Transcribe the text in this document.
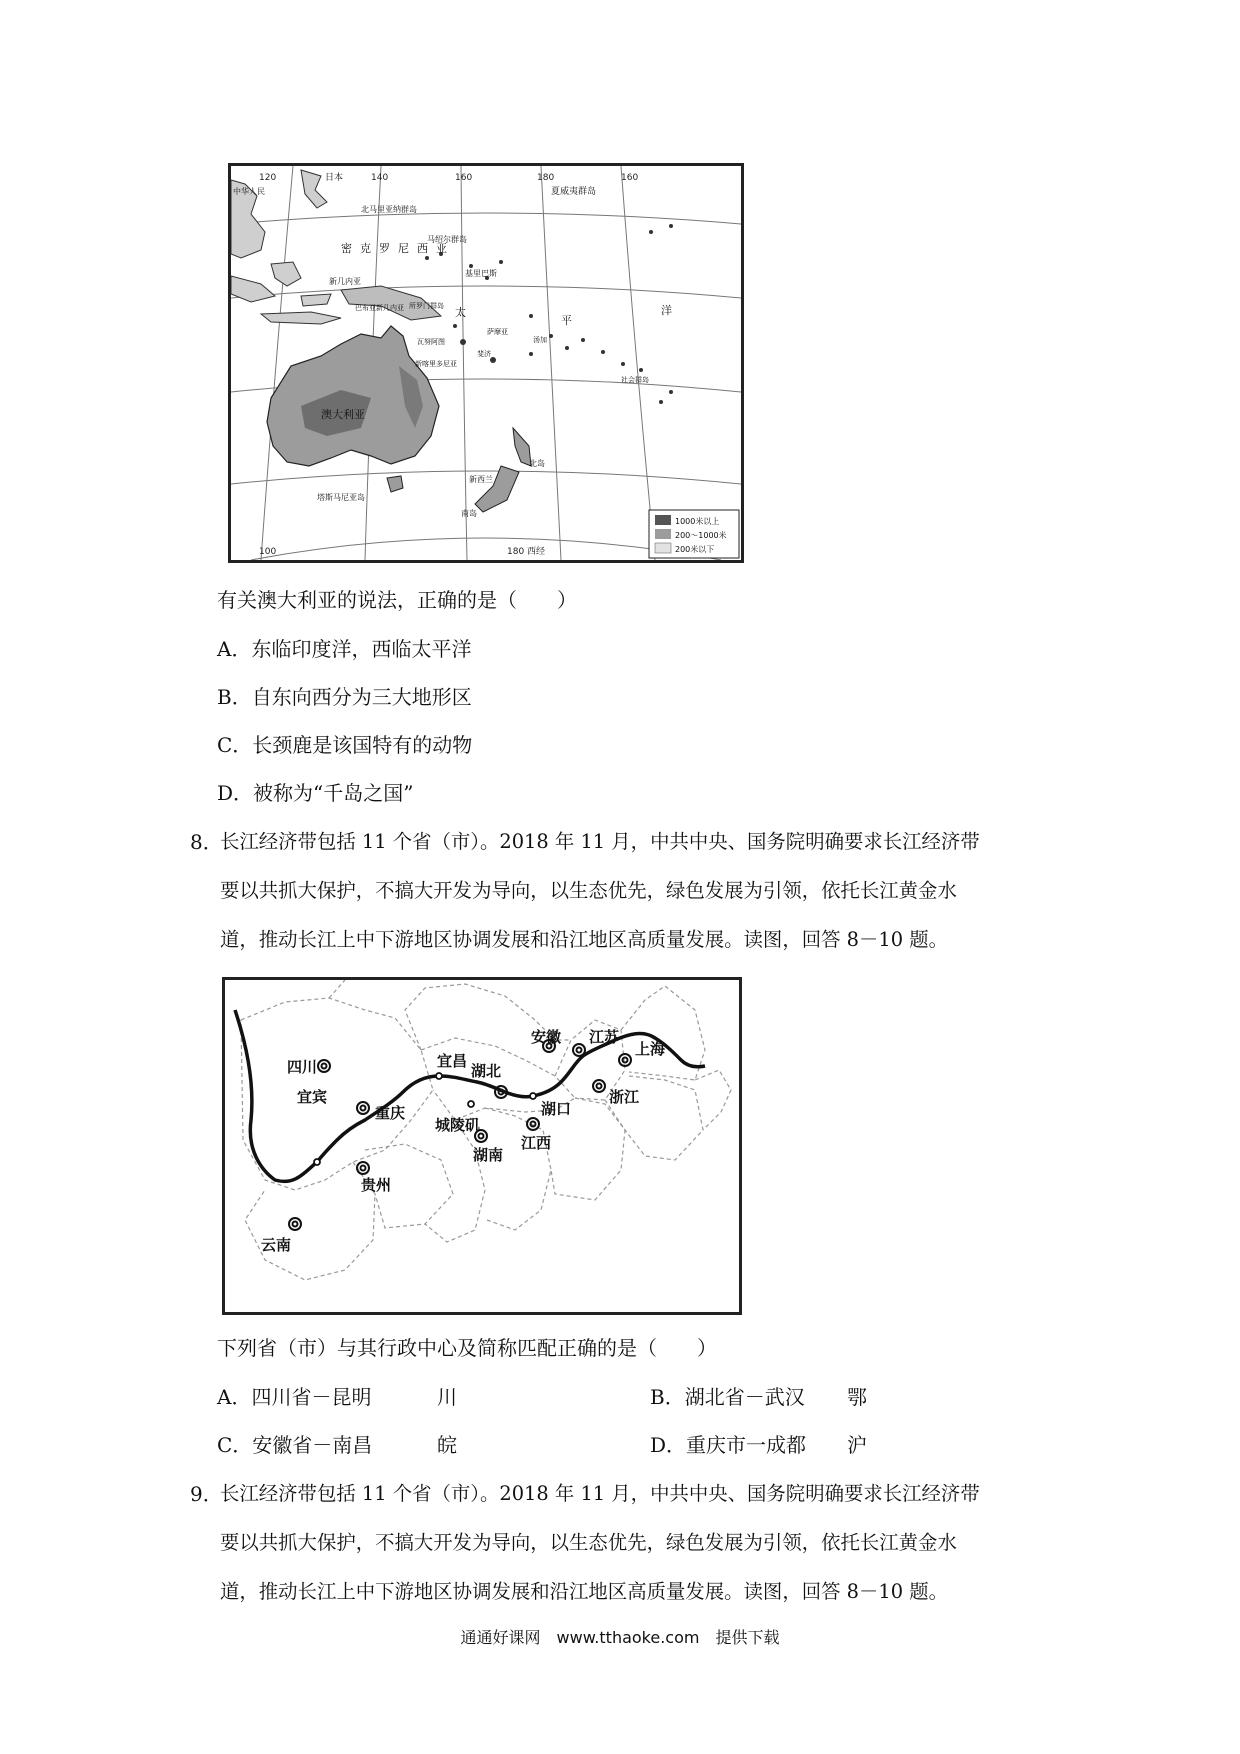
120	140	160	180	160
100	180 西经
中华人民
日本
北马里亚纳群岛
密克罗尼西亚
马绍尔群岛
基里巴斯
太
平
洋
夏威夷群岛
新几内亚
巴布亚新几内亚 所罗门群岛
瓦努阿图
斐济
新喀里多尼亚
萨摩亚
社会群岛
汤加
澳大利亚
塔斯马尼亚岛
新西兰
南岛
北岛
1000米以上
200～1000米
200米以下
有关澳大利亚的说法，正确的是（　　）
A．东临印度洋，西临太平洋
B．自东向西分为三大地形区
C．长颈鹿是该国特有的动物
D．被称为“千岛之国”
8．
长江经济带包括 11 个省（市）。2018 年 11 月，中共中央、国务院明确要求长江经济带
要以共抓大保护，不搞大开发为导向，以生态优先，绿色发展为引领，依托长江黄金水
道，推动长江上中下游地区协调发展和沿江地区高质量发展。读图，回答 8－10 题。
四川
宜宾
重庆
贵州
云南
宜昌
湖北
城陵矶
湖南
江西
湖口
安徽 江苏
上海
浙江
下列省（市）与其行政中心及简称匹配正确的是（　　）
A．四川省－昆明	川	B．湖北省－武汉 鄂
C．安徽省－南昌	皖	D．重庆市一成都 沪
9．
长江经济带包括 11 个省（市）。2018 年 11 月，中共中央、国务院明确要求长江经济带
要以共抓大保护，不搞大开发为导向，以生态优先，绿色发展为引领，依托长江黄金水
道，推动长江上中下游地区协调发展和沿江地区高质量发展。读图，回答 8－10 题。
通通好课网　www.tthaoke.com　提供下载
